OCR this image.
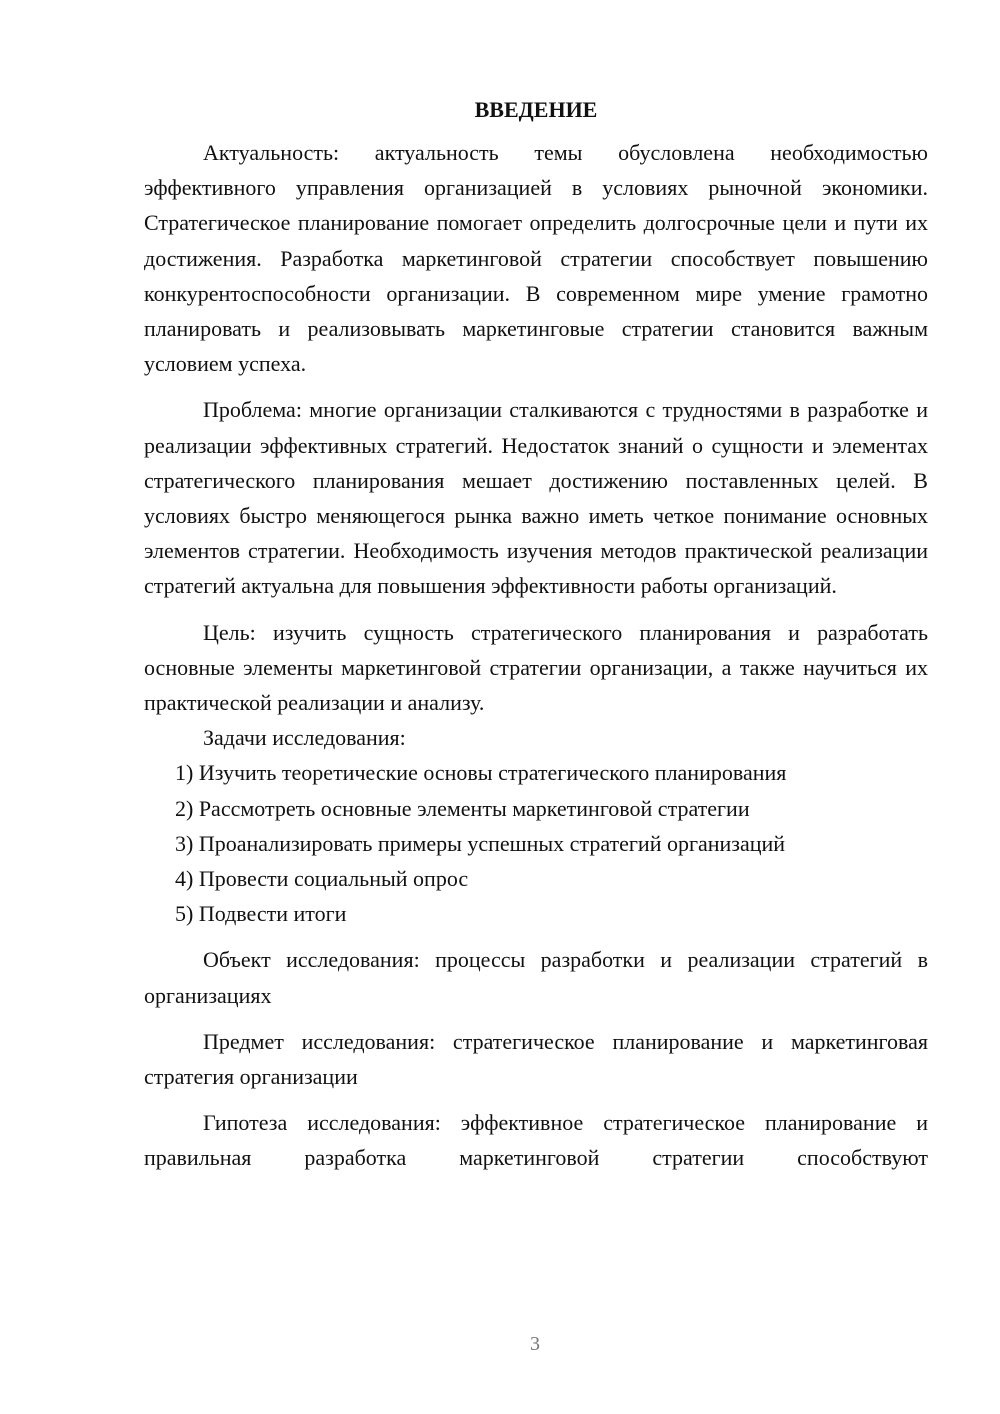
ВВЕДЕНИЕ

Актуальность: актуальность темы обусловлена необходимостью эффективного управления организацией в условиях рыночной экономики. Стратегическое планирование помогает определить долгосрочные цели и пути их достижения. Разработка маркетинговой стратегии способствует повышению конкурентоспособности организации. В современном мире умение грамотно планировать и реализовывать маркетинговые стратегии становится важным условием успеха.

Проблема: многие организации сталкиваются с трудностями в разработке и реализации эффективных стратегий. Недостаток знаний о сущности и элементах стратегического планирования мешает достижению поставленных целей. В условиях быстро меняющегося рынка важно иметь четкое понимание основных элементов стратегии. Необходимость изучения методов практической реализации стратегий актуальна для повышения эффективности работы организаций.

Цель: изучить сущность стратегического планирования и разработать основные элементы маркетинговой стратегии организации, а также научиться их практической реализации и анализу.

Задачи исследования:

1) Изучить теоретические основы стратегического планирования

2) Рассмотреть основные элементы маркетинговой стратегии

3) Проанализировать примеры успешных стратегий организаций

4) Провести социальный опрос

5) Подвести итоги

Объект исследования: процессы разработки и реализации стратегий в организациях

Предмет исследования: стратегическое планирование и маркетинговая стратегия организации

Гипотеза исследования: эффективное стратегическое планирование и правильная разработка маркетинговой стратегии способствуют

3
